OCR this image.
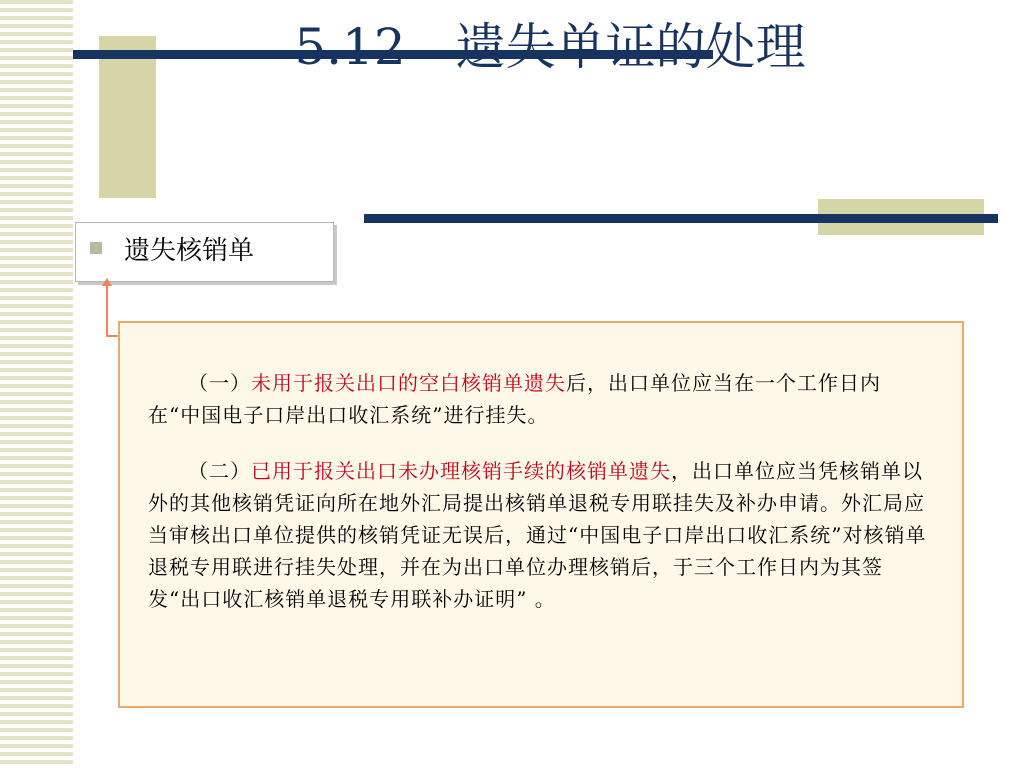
5.12　遗失单证的处理
遗失核销单

（一）未用于报关出口的空白核销单遗失后，出口单位应当在一个工作日内在“中国电子口岸出口收汇系统”进行挂失。

（二）已用于报关出口未办理核销手续的核销单遗失，出口单位应当凭核销单以外的其他核销凭证向所在地外汇局提出核销单退税专用联挂失及补办申请。外汇局应当审核出口单位提供的核销凭证无误后，通过“中国电子口岸出口收汇系统”对核销单退税专用联进行挂失处理，并在为出口单位办理核销后，于三个工作日内为其签发“出口收汇核销单退税专用联补办证明” 。
